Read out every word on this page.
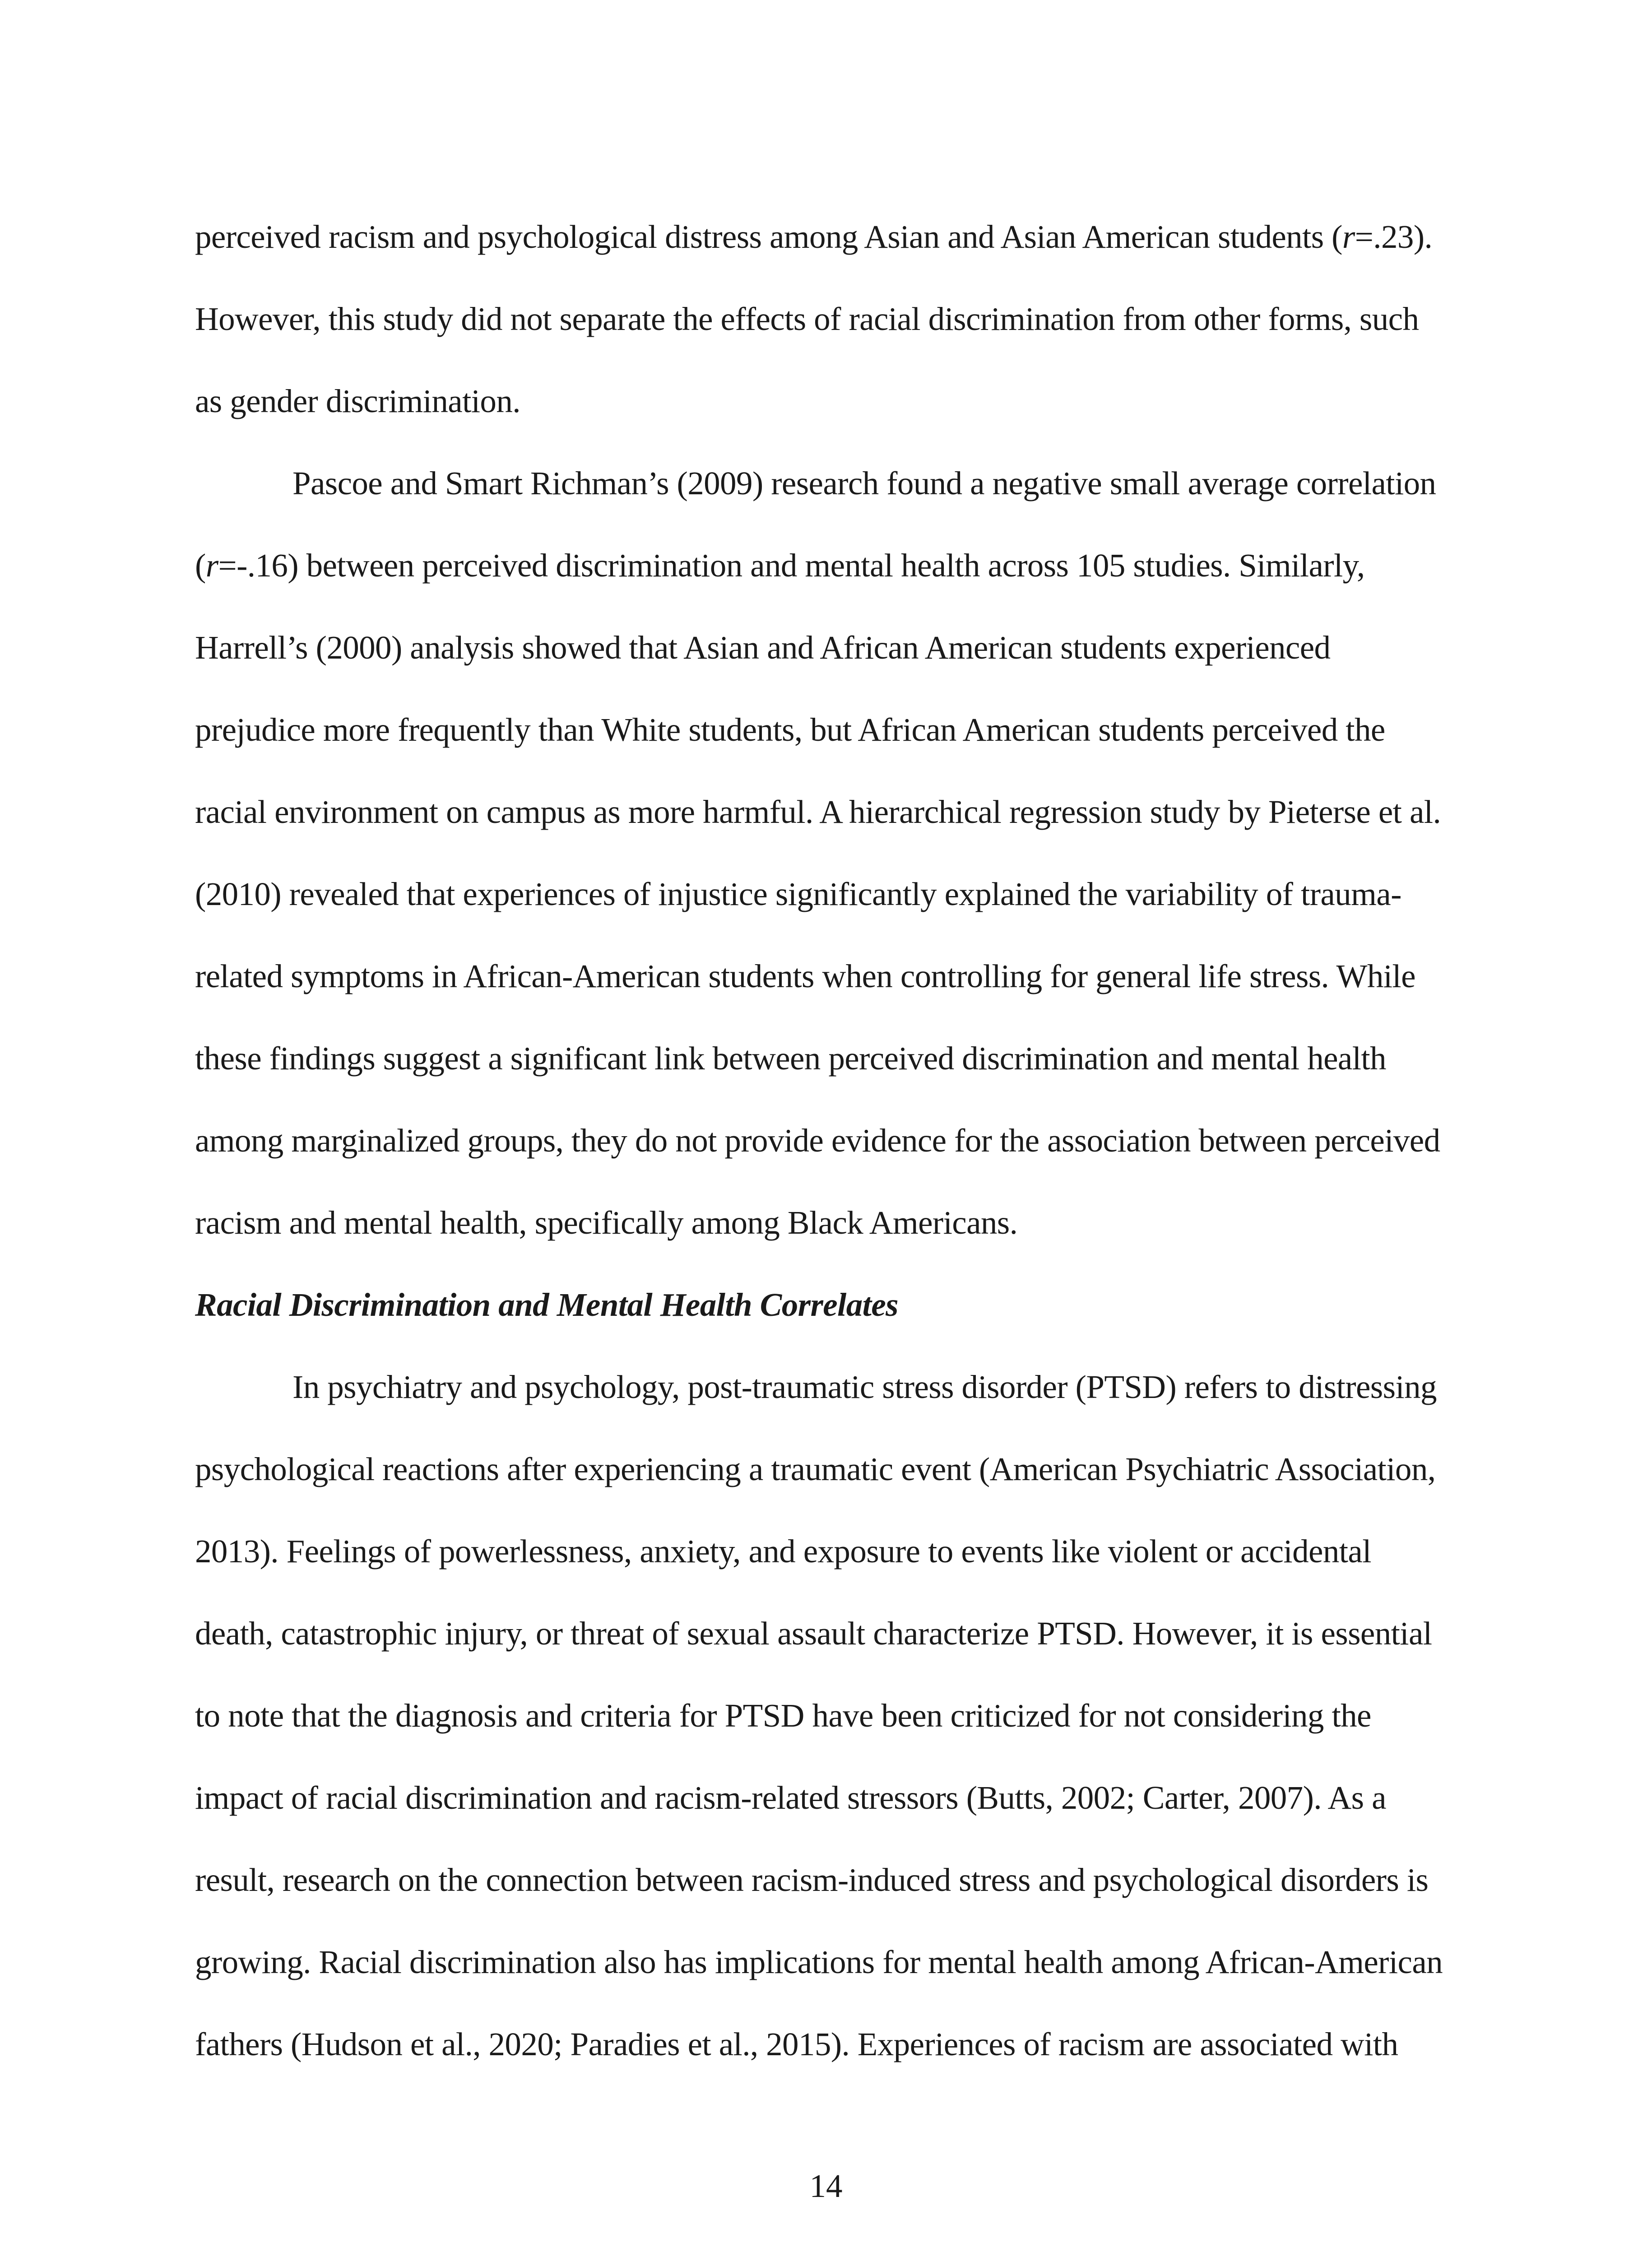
perceived racism and psychological distress among Asian and Asian American students (r=.23).
However, this study did not separate the effects of racial discrimination from other forms, such
as gender discrimination.
Pascoe and Smart Richman’s (2009) research found a negative small average correlation
(r=-.16) between perceived discrimination and mental health across 105 studies. Similarly,
Harrell’s (2000) analysis showed that Asian and African American students experienced
prejudice more frequently than White students, but African American students perceived the
racial environment on campus as more harmful. A hierarchical regression study by Pieterse et al.
(2010) revealed that experiences of injustice significantly explained the variability of trauma-
related symptoms in African-American students when controlling for general life stress. While
these findings suggest a significant link between perceived discrimination and mental health
among marginalized groups, they do not provide evidence for the association between perceived
racism and mental health, specifically among Black Americans.
Racial Discrimination and Mental Health Correlates
In psychiatry and psychology, post-traumatic stress disorder (PTSD) refers to distressing
psychological reactions after experiencing a traumatic event (American Psychiatric Association,
2013). Feelings of powerlessness, anxiety, and exposure to events like violent or accidental
death, catastrophic injury, or threat of sexual assault characterize PTSD. However, it is essential
to note that the diagnosis and criteria for PTSD have been criticized for not considering the
impact of racial discrimination and racism-related stressors (Butts, 2002; Carter, 2007). As a
result, research on the connection between racism-induced stress and psychological disorders is
growing. Racial discrimination also has implications for mental health among African-American
fathers (Hudson et al., 2020; Paradies et al., 2015). Experiences of racism are associated with
14
